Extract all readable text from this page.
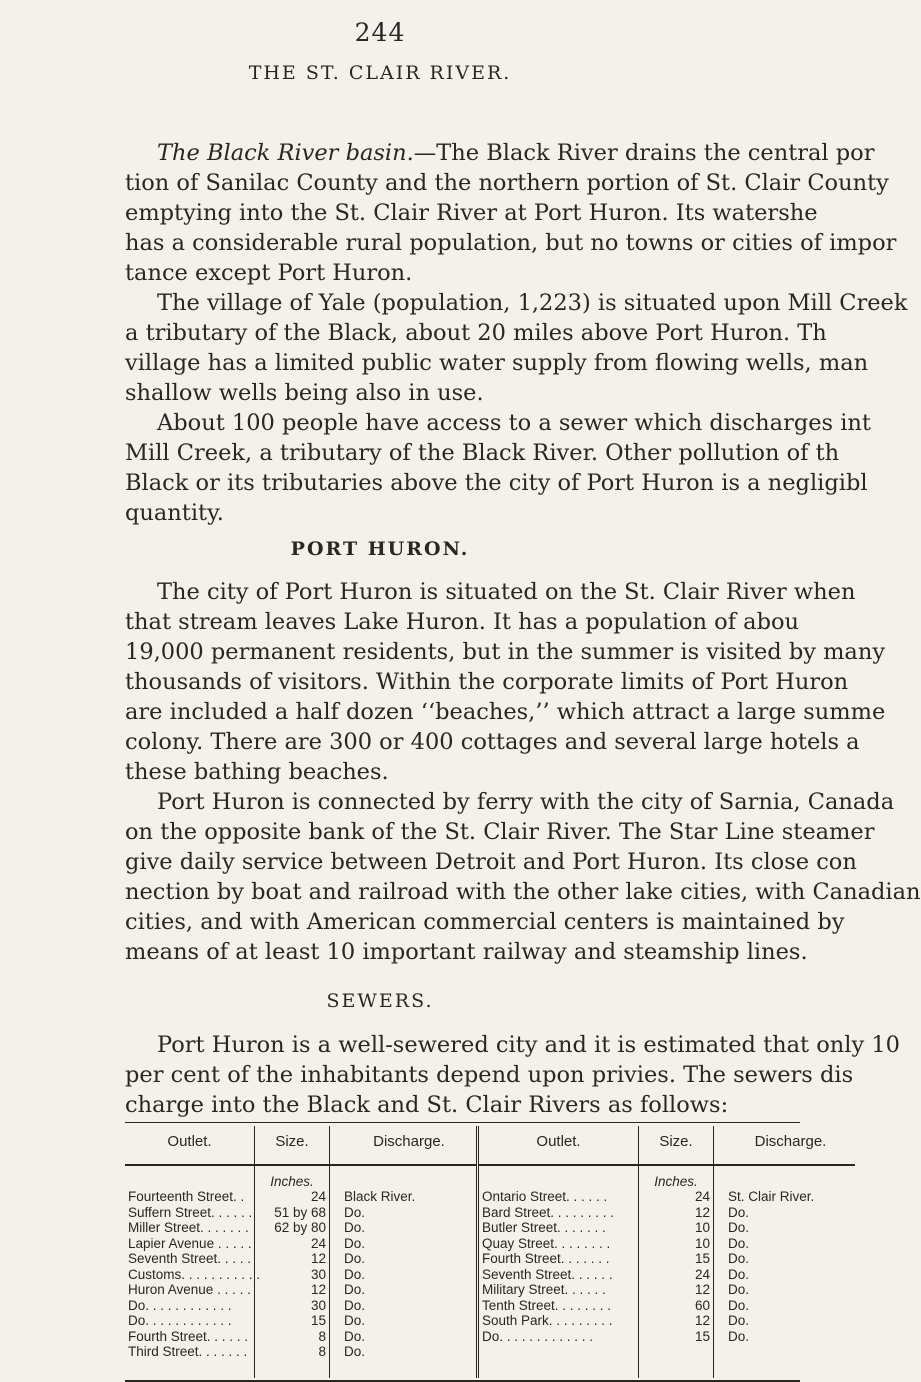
244
THE ST. CLAIR RIVER.

The Black River basin.—The Black River drains the central por

tion of Sanilac County and the northern portion of St. Clair County

emptying into the St. Clair River at Port Huron. Its watershe

has a considerable rural population, but no towns or cities of impor

tance except Port Huron.

The village of Yale (population, 1,223) is situated upon Mill Creek

a tributary of the Black, about 20 miles above Port Huron. Th

village has a limited public water supply from flowing wells, man

shallow wells being also in use.

About 100 people have access to a sewer which discharges int

Mill Creek, a tributary of the Black River. Other pollution of th

Black or its tributaries above the city of Port Huron is a negligibl

quantity.

PORT HURON.

The city of Port Huron is situated on the St. Clair River when

that stream leaves Lake Huron. It has a population of abou

19,000 permanent residents, but in the summer is visited by many

thousands of visitors. Within the corporate limits of Port Huron

are included a half dozen ‘‘beaches,’’ which attract a large summe

colony. There are 300 or 400 cottages and several large hotels a

these bathing beaches.

Port Huron is connected by ferry with the city of Sarnia, Canada

on the opposite bank of the St. Clair River. The Star Line steamer

give daily service between Detroit and Port Huron. Its close con

nection by boat and railroad with the other lake cities, with Canadian

cities, and with American commercial centers is maintained by

means of at least 10 important railway and steamship lines.

SEWERS.

Port Huron is a well-sewered city and it is estimated that only 10

per cent of the inhabitants depend upon privies. The sewers dis

charge into the Black and St. Clair Rivers as follows:

Outlet.	Size.	Discharge.	Outlet.	Size.	Discharge.
	Inches.			Inches.	
Fourteenth Street. .	24	Black River.	Ontario Street. . . . . .	24	St. Clair River.
Suffern Street. . . . . .	51 by 68	Do.	Bard Street. . . . . . . . .	12	Do.
Miller Street. . . . . . .	62 by 80	Do.	Butler Street. . . . . . .	10	Do.
Lapier Avenue . . . . .	24	Do.	Quay Street. . . . . . . .	10	Do.
Seventh Street. . . . .	12	Do.	Fourth Street. . . . . . .	15	Do.
Customs. . . . . . . . . . .	30	Do.	Seventh Street. . . . . .	24	Do.
Huron Avenue . . . . .	12	Do.	Military Street. . . . . .	12	Do.
Do. . . . . . . . . . . .	30	Do.	Tenth Street. . . . . . . .	60	Do.
Do. . . . . . . . . . . .	15	Do.	South Park. . . . . . . . .	12	Do.
Fourth Street. . . . . .	8	Do.	Do. . . . . . . . . . . . .	15	Do.
Third Street. . . . . . .	8	Do.			
